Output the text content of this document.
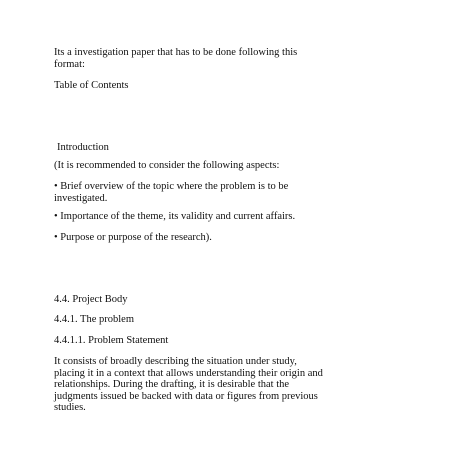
Its a investigation paper that has to be done following this
format:

Table of Contents

Introduction

(It is recommended to consider the following aspects:

• Brief overview of the topic where the problem is to be
investigated.

• Importance of the theme, its validity and current affairs.

• Purpose or purpose of the research).

4.4. Project Body

4.4.1. The problem

4.4.1.1. Problem Statement

It consists of broadly describing the situation under study,
placing it in a context that allows understanding their origin and
relationships. During the drafting, it is desirable that the
judgments issued be backed with data or figures from previous
studies.
